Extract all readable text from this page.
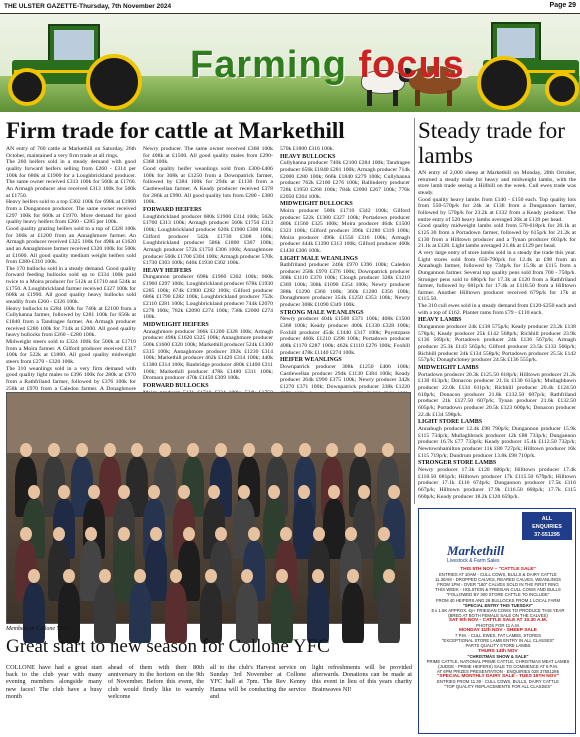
THE ULSTER GAZETTE-Thursday, 7th November 2024	Page 29
Farming focus
Firm trade for cattle at Markethill

AN entry of 760 cattle at Markethill on Saturday, 26th October, maintained a very firm trade at all rings.

The 260 heifers sold in a steady demand with good quality forward heifers selling from £260 - £314 per 100k for 680k at £1900 for a Loughbrickland producer. The same owner received £313 100k for 560k at £1760. An Armagh producer also received £313 100k for 560k at £1750.

Heavy heifers sold to a top £302 100k for 698k at £1960 from a Dungannon producer. The same owner received £297 100k for 660k at £1970. More demand for good quality heavy heifers from £260 - £285 per 100k.

Good quality grazing heifers sold to a top of £328 100k for 366k at £1200 from an Annaghmore farmer. An Armagh producer received £325 100k for 498k at £1620 and an Annaghmore farmer received £320 100k for 500k at £1600. All good quality medium weight heifers sold from £280-£310 100k.

The 170 bullocks sold in a steady demand. Good quality forward feeding bullocks sold up to £334 100k paid twice to a Moira producer for 512k at £1710 and 524k at £1750. A Loughbrickland farmer received £327 100k for 608k at £1990. All good quality heavy bullocks sold steadily from £260 - £326 100k.

Heavy bullocks to £284 100k for 746k at £2100 from a Cullyhanna farmer, followed by £281 100k for 656k at £1840 from a Tandragee farmer. An Armagh producer received £280 100k for 714k at £2000. All good quality heavy bullocks from £260 - £280 100k.

Midweight steers sold to £324 100k for 500k at £1710 from a Moira farmer. A Gilford producer received £317 100k for 522k at £1880. All good quality midweight steers from £270 - £320 100k.

The 310 weanlings sold in a very firm demand with good quality light males to £396 100k for 280k at £970 from a Rathfriland farmer, followed by £376 100k for 258k at £970 from a Caledon farmer. A Donaghmore

Newry producer. The same owner received £368 100k for 408k at £1500. All good quality males from £290-£368 100k.

Good quality heifer weanlings sold from £300-£406 100k for 308k at £1250 from a Downpatrick farmer, followed by £384 100k for 294k at £1130 from a Castlewellan farmer. A Keady producer received £378 for 286k at £990. All good quality lots from £280 - £380 100k.

FORWARD HEIFERS

Loughbrickland producer 680k £1900 £314 100k; 562k £1760 £313 100k; Armagh producer 560k £1750 £313 100k; Loughbrickland producer 620k £1900 £308 100k; Gilford producer 542k £1730 £308 100k; Loughbrickland producer 586k £1800 £307 100k; Armagh producer 572k £1750 £306 100k; Annaghmore producer 560k £1700 £304 100k; Armagh producer 570k £1730 £303 100k; 646k £1930 £302 100k.

HEAVY HEIFERS

Dungannon producer 698k £1960 £302 100k; 660k £1960 £297 100k; Loughbrickland producer 678k £1930 £285 100k; 674k £1900 £282 100k; Gilford producer 686k £1790 £282 100k; Loughbrickland producer 752k £2110 £281 100k; Loughbrickland producer 744k £2070 £278 100k; 782k £2090 £274 100k; 738k £2000 £274 100k.

MIDWEIGHT HEIFERS

Annaghmore producer 366k £1200 £328 100k; Armagh producer 498k £1620 £325 100k; Annaghmore producer 500k £1600 £320 100k; Markethill producer 524k £1300 £315 100k; Annaghmore producer 392k £1230 £314 100k; Markethill producer 462k £1420 £314 100k; 440k £1380 £314 100k; Banbridge producer 480k £1400 £311 100k; Markethill producer 478k £1480 £311 100k; Dromara producer 470k £1450 £309 100k.

FORWARD BULLOCKS

570k £1800 £316 100k.

HEAVY BULLOCKS

Cullyhanna producer 740k £2100 £284 100k; Tandragee producer 656k £1840 £281 100k; Armagh producer 714k £2000 £280 100k; 666k £1840 £279 100k; Cullyhanna producer 762k £2100 £276 100k; Ballinderry producer 728k £1950 £268 100k; 784k £2090 £267 100k; 776k £2050 £264 100k.

MIDWEIGHT BULLOCKS

Moira producer 500k £1710 £342 100k; Gilford producer 522k £1380 £327 100k; Portadown producer 480k £1560 £325 100k; Moira producer 464k £1500 £323 100k; Gilford producer 396k £1280 £319 100k; Moira producer 496k £1550 £316 100k; Armagh producer 444k £1390 £313 100k; Gilford producer 460k £1430 £306 100k.

LIGHT MALE WEANLINGS

Rathfriland producer 246k £970 £396 100k; Caledon producer 258k £970 £376 100k; Downpatrick producer 308k £1110 £370 100k; Clough producer 328k £1210 £369 100k; 308k £1090 £354 100k; Newry producer 388k £1290 £360 100k; 360k £1280 £356 100k; Donaghmore producer 354k £1250 £353 100k; Newry producer 308k £1090 £349 100k.

STRONG MALE WEANLINGS

Newry producer 404k £1500 £371 100k; 408k £1500 £368 100k; Keady producer 400k £1330 £328 100k; Foxhill producer 454k £1440 £317 100k; Poyntzpass producer 460k £1210 £298 100k; Portadown producer 408k £1170 £287 100k; 462k £1110 £276 100k; Foxhill producer 478k £1140 £274 100k.

HEIFER WEANLINGS

Downpatrick producer 308k £1250 £406 100k; Castlewellan producer 294k £1130 £384 100k; Keady producer 264k £990 £375 100k; Newry producer 342k £1270 £371 100k; Downpatrick producer 338k £1220

Steady trade for lambs

AN entry of 2,000 sheep at Markethill on Monday, 28th October, returned a steady trade for heavy and midweight lambs, with the store lamb trade seeing a Hillhill on the week. Cull ewes trade was steady.

Good quality heavy lambs from £140 - £150 each. Top quality lots from 550-570p/k for 24k at £138 from a Dungannon farmer, followed by 570p/k for 23.2k at £132 from a Keady producer. The entire entry of 520 heavy lambs averaged 26k at £139 per head.

Good quality midweight lambs sold from 570-618p/k for 20.1k at £125.30 from a Portadown farmer, followed by 615p/k for 21.2k at £130 from a Hilltown producer and a Tynan producer 603p/k for 21.1k at £128. Light lambs averaged 21.8k at £129 per head.

A very large entry of store lambs sold in a steady the trade this year. Light stores sold from 650-790p/k for 12.4k at £98 from an Annahugh farmer, followed by 734p/k for 15.9k at £115 from a Dungannon farmer. Several top quality pens sold from 700 - 750p/k. Stronger pens sold to 686p/k for 17.3k at £120 from a Rathfriland farmer, followed by 681p/k for 17.4k at £118.50 from a Hilltown farmer. Another Hilltown producer received 679p/k for 17k at £115.50.

The 310 cull ewes sold in a steady demand from £120-£250 each and with a top of £162. Planter rams from £79 - £110 each.

HEAVY LAMBS

Dungannon producer 24k £138 575p/k; Keady producer 23.2k £138 578p/k; Keady producer 25k £142 568p/k; Richhill producer 23.9k £136 569p/k; Portadown producer 24k £136 567p/k; Armagh producer 25.3k £143 565p/k; Gilford producer 23.5k £133 566p/k; Richhill producer 24k £134 558p/k; Portadown producer 25.5k £142 557p/k; Donaghcloney producer 24.5k £136 555p/k.

MIDWEIGHT LAMBS

Portadown producer 20.3k £125.50 618p/k; Hilltown producer 21.2k £130 613p/k; Donacon producer 21.1k £130 615p/k; Mullaghbawn producer 22.0k £134 611p/k; Richhill producer 20.4k £124.50 610p/k; Donacon producer 21.8k £132.50 607p/k; Rathfriland producer 21k £127.50 607p/k; Tynan producer 21.6k £132.50 605p/k; Portadown producer 20.5k £123 600p/k; Donacon producer 22.4k £134 598p/k.

LIGHT STORE LAMBS

Annahugh producer 12.4k £98 790p/k; Dungannon producer 15.9k £115 734p/k; Mullaghbrack producer 12k £88 733p/k; Dungannon producer 16.7k £77 733p/k; Keady producer 15.4k £112.50 732p/k; Newtownhamilton producer 11k £80 727p/k; Hilltown producer 16k £115 719p/k; Dundrum producer 13.8k £98 710p/k.

STRONGER STORE LAMBS

Newry producer 17.3k £120 686p/k; Hilltown producer 17.4k £118.50 681p/k; Hilltown producer 17k £115.50 679p/k; Hilltown producer 17.1k £116 674p/k; Dungannon producer 17.5k £116 667p/k; Hilltown producer 17.9k £116.50 668p/k; 17.7k £115 660p/k; Keady producer 18.2k £120 659p/k.

Members of Collone YFC.
Great start to new season for Collone YFC
COLLONE have had a great start back to the club year with many evening members alongside many new faces! The club have a busy month
ahead of them with their 80th anniversary in the horizon on the 9th of November. Before this event, the club would firstly like to warmly welcome
all to the club's Harvest service on Sunday 3rd November at Collone YFC hall at 7pm. The Rev Kenny Hanna will be conducting the service and
light refreshments will be provided afterwards. Donations can be made at this event in lieu of this years charity Brainwaves NI!
ALL
ENQUIRIES
37-551295
Markethill
Livestock & Farm Sales
THIS 5TH NOV – "CATTLE SALE"
ENTRIES AT 10AM - CULL COWS, BULLS & DAIRY CATTLE
11.30AM - DROPPED CALVES, REARED CALVES, WEANLINGS
FROM 1PM - OVER "180" CALVES SOLD IN THE FIRST RING
THIS WEEK - HOLSTEIN & FRIESIAN CULL COWS AND BULLS
"FOLLOWED BY 300 STORE CATTLE TO INCLUDE"
FROM 40 HEIFERS AND 26 BULLOCKS FROM 1 LOCAL FARM
"SPECIAL ENTRY THIS TUESDAY"
8 x 1.5K APPROX. 6y+ FRIESIAN COWS TO PRODUCE THIS YEAR
(BRED AT BOTH FEMALE SALE ON THE CALVES)
SAT 9th NOV - CATTLE SALE AT 10.30 A.M.
PHOTOS FOR 11 A.M.
MONDAY 11th NOV - SHEEP SALE
7 P.M. - CULL EWES, FAT LAMBS, STORES
"EXCEPTIONAL STORE LAMB ENTRY IN ALL CLASSES"
PARTS QUALITY STORE LAMBS
THURS 14th NOV
"CHRISTMAS SHOW & SALE"
PRIME CATTLE, NATIONAL PRIME CATTLE, CHRISTMAS MEAT LAMBS
(JUDGE - PRIME HEIFERS) SALE TO COMMENCE AT 6 P.M.
AT 6PM PRIZES PRESENTATION · ENQUIRIES 028 37551295
"SPECIAL MONTHLY DAIRY SALE - TUES 19TH NOV"
ENTRIES FROM 11.30 - CULL COWS, BULLS, DAIRY CATTLE
"TOP QUALITY REPLACEMENTS FOR ALL CLASSES"
